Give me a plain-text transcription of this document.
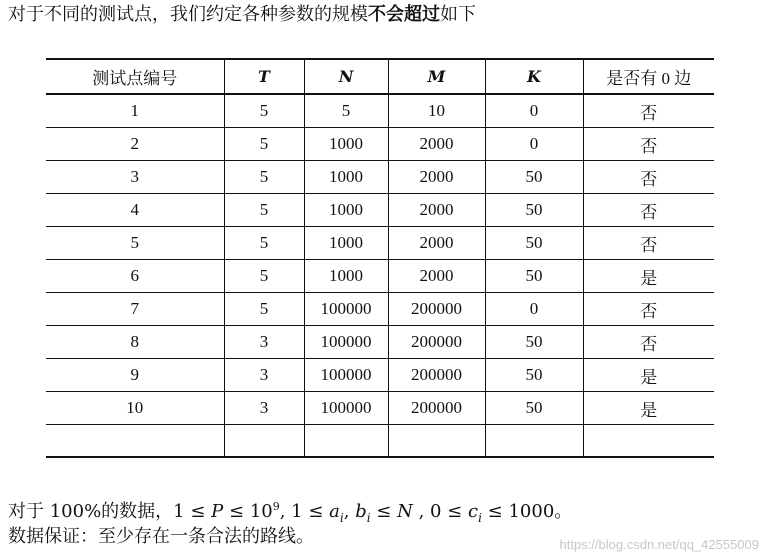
对于不同的测试点，我们约定各种参数的规模不会超过如下
测试点编号	T	N	M	K	是否有 0 边
1	5	5	10	0	否
2	5	1000	2000	0	否
3	5	1000	2000	50	否
4	5	1000	2000	50	否
5	5	1000	2000	50	否
6	5	1000	2000	50	是
7	5	100000	200000	0	否
8	3	100000	200000	50	否
9	3	100000	200000	50	是
10	3	100000	200000	50	是

对于 100%的数据，$1 \le P \le 10^9$, $1 \le a_i$, $b_i \le N$ , $0 \le c_i \le 1000$。
数据保证：至少存在一条合法的路线。	https://blog.csdn.net/qq_42555009
